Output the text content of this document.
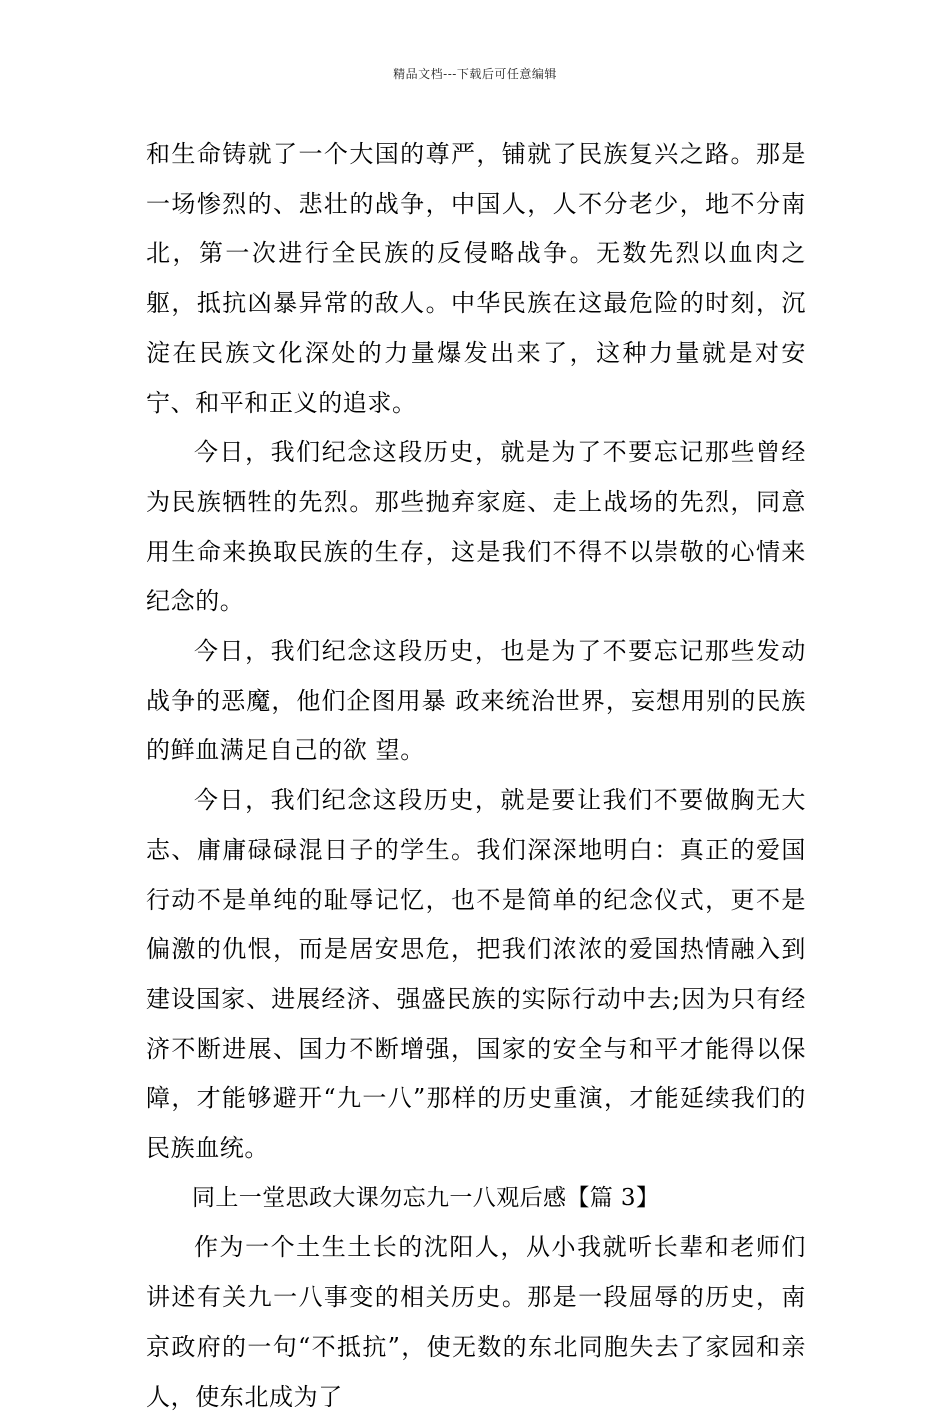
精品文档---下载后可任意编辑

和生命铸就了一个大国的尊严，铺就了民族复兴之路。那是一场惨烈的、悲壮的战争，中国人，人不分老少，地不分南北，第一次进行全民族的反侵略战争。无数先烈以血肉之躯，抵抗凶暴异常的敌人。中华民族在这最危险的时刻，沉淀在民族文化深处的力量爆发出来了，这种力量就是对安宁、和平和正义的追求。

今日，我们纪念这段历史，就是为了不要忘记那些曾经为民族牺牲的先烈。那些抛弃家庭、走上战场的先烈，同意用生命来换取民族的生存，这是我们不得不以崇敬的心情来纪念的。

今日，我们纪念这段历史，也是为了不要忘记那些发动战争的恶魔，他们企图用暴 政来统治世界，妄想用别的民族的鲜血满足自己的欲 望。

今日，我们纪念这段历史，就是要让我们不要做胸无大志、庸庸碌碌混日子的学生。我们深深地明白：真正的爱国行动不是单纯的耻辱记忆，也不是简单的纪念仪式，更不是偏激的仇恨，而是居安思危，把我们浓浓的爱国热情融入到建设国家、进展经济、强盛民族的实际行动中去;因为只有经济不断进展、国力不断增强，国家的安全与和平才能得以保障，才能够避开“九一八”那样的历史重演，才能延续我们的民族血统。

同上一堂思政大课勿忘九一八观后感【篇 3】

作为一个土生土长的沈阳人，从小我就听长辈和老师们讲述有关九一八事变的相关历史。那是一段屈辱的历史，南京政府的一句“不抵抗”，使无数的东北同胞失去了家园和亲人，使东北成为了
